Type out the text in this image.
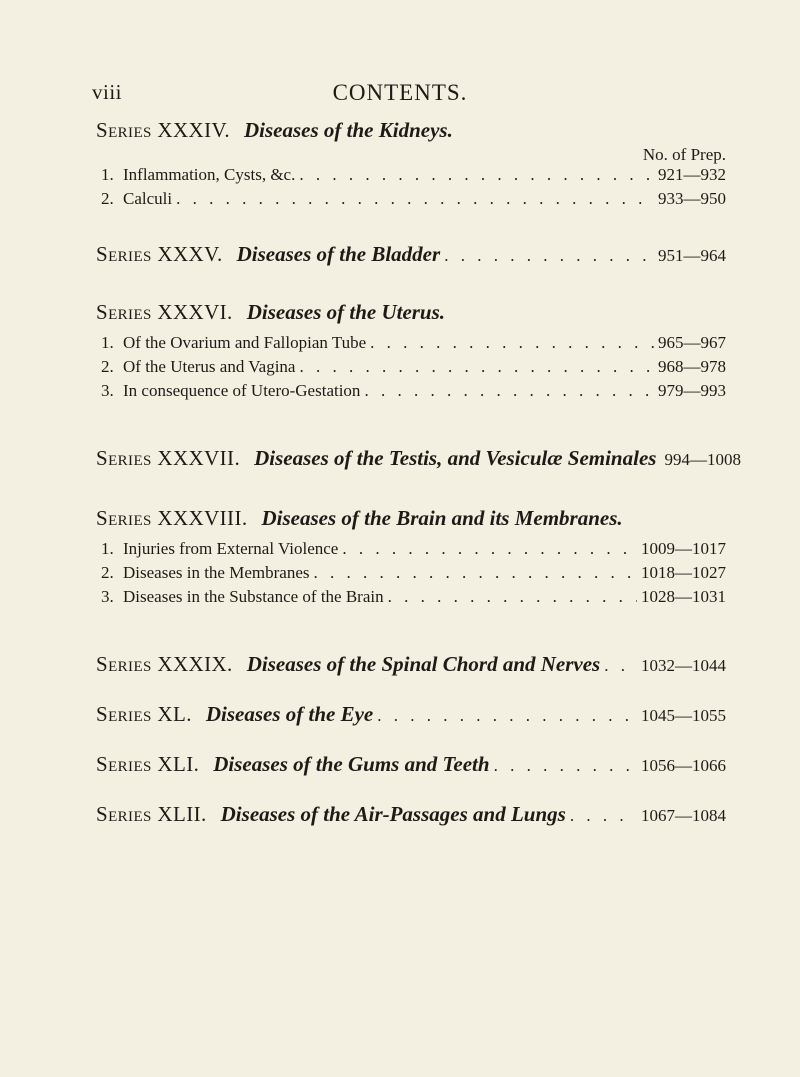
viii	CONTENTS.
Series XXXIV. Diseases of the Kidneys.
No. of Prep.
1. Inflammation, Cysts, &c. . . .	921—932
2. Calculi . . .	933—950
Series XXXV. Diseases of the Bladder . . .	951—964
Series XXXVI. Diseases of the Uterus.
1. Of the Ovarium and Fallopian Tube . . .	965—967
2. Of the Uterus and Vagina . . .	968—978
3. In consequence of Utero-Gestation . . .	979—993
Series XXXVII. Diseases of the Testis, and Vesiculæ Seminales 994—1008
Series XXXVIII. Diseases of the Brain and its Membranes.
1. Injuries from External Violence . . .	1009—1017
2. Diseases in the Membranes . . .	1018—1027
3. Diseases in the Substance of the Brain . . .	1028—1031
Series XXXIX. Diseases of the Spinal Chord and Nerves . . . 1032—1044
Series XL. Diseases of the Eye . . .	1045—1055
Series XLI. Diseases of the Gums and Teeth . . .	1056—1066
Series XLII. Diseases of the Air-Passages and Lungs . . .	1067—1084
